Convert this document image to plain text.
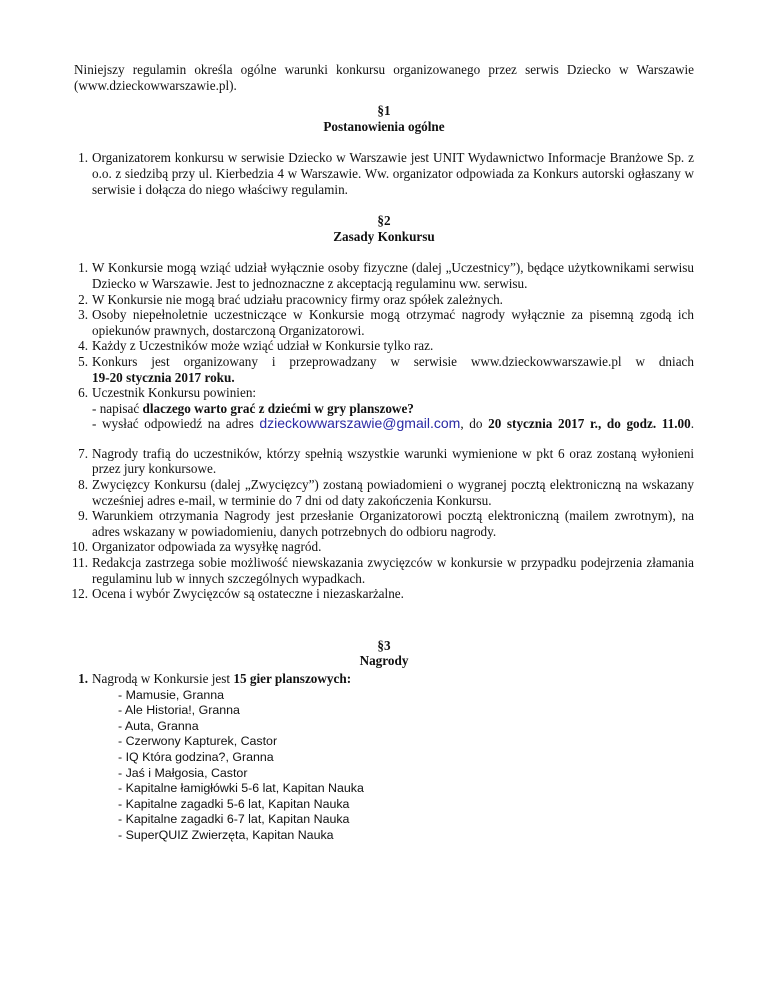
Niniejszy regulamin określa ogólne warunki konkursu organizowanego przez serwis Dziecko w Warszawie (www.dzieckowwarszawie.pl).
§1
Postanowienia ogólne
1. Organizatorem konkursu w serwisie Dziecko w Warszawie jest UNIT Wydawnictwo Informacje Branżowe Sp. z o.o. z siedzibą przy ul. Kierbedzia 4 w Warszawie. Ww. organizator odpowiada za Konkurs autorski ogłaszany w serwisie i dołącza do niego właściwy regulamin.
§2
Zasady Konkursu
1. W Konkursie mogą wziąć udział wyłącznie osoby fizyczne (dalej „Uczestnicy”), będące użytkownikami serwisu Dziecko w Warszawie. Jest to jednoznaczne z akceptacją regulaminu ww. serwisu.
2. W Konkursie nie mogą brać udziału pracownicy firmy oraz spółek zależnych.
3. Osoby niepełnoletnie uczestniczące w Konkursie mogą otrzymać nagrody wyłącznie za pisemną zgodą ich opiekunów prawnych, dostarczoną Organizatorowi.
4. Każdy z Uczestników może wziąć udział w Konkursie tylko raz.
5. Konkurs jest organizowany i przeprowadzany w serwisie www.dzieckowwarszawie.pl w dniach
19-20 stycznia 2017 roku.
6. Uczestnik Konkursu powinien:
- napisać dlaczego warto grać z dziećmi w gry planszowe?
- wysłać odpowiedź na adres dzieckowwarszawie@gmail.com, do 20 stycznia 2017 r., do godz. 11.00.
7. Nagrody trafią do uczestników, którzy spełnią wszystkie warunki wymienione w pkt 6 oraz zostaną wyłonieni przez jury konkursowe.
8. Zwycięzcy Konkursu (dalej „Zwycięzcy”) zostaną powiadomieni o wygranej pocztą elektroniczną na wskazany wcześniej adres e-mail, w terminie do 7 dni od daty zakończenia Konkursu.
9. Warunkiem otrzymania Nagrody jest przesłanie Organizatorowi pocztą elektroniczną (mailem zwrotnym), na adres wskazany w powiadomieniu, danych potrzebnych do odbioru nagrody.
10. Organizator odpowiada za wysyłkę nagród.
11. Redakcja zastrzega sobie możliwość niewskazania zwycięzców w konkursie w przypadku podejrzenia złamania regulaminu lub w innych szczególnych wypadkach.
12. Ocena i wybór Zwycięzców są ostateczne i niezaskarżalne.
§3
Nagrody
1. Nagrodą w Konkursie jest 15 gier planszowych:
- Mamusie, Granna
- Ale Historia!, Granna
- Auta, Granna
- Czerwony Kapturek, Castor
- IQ Która godzina?, Granna
- Jaś i Małgosia, Castor
- Kapitalne łamigłówki 5-6 lat, Kapitan Nauka
- Kapitalne zagadki 5-6 lat, Kapitan Nauka
- Kapitalne zagadki 6-7 lat, Kapitan Nauka
- SuperQUIZ Zwierzęta, Kapitan Nauka
